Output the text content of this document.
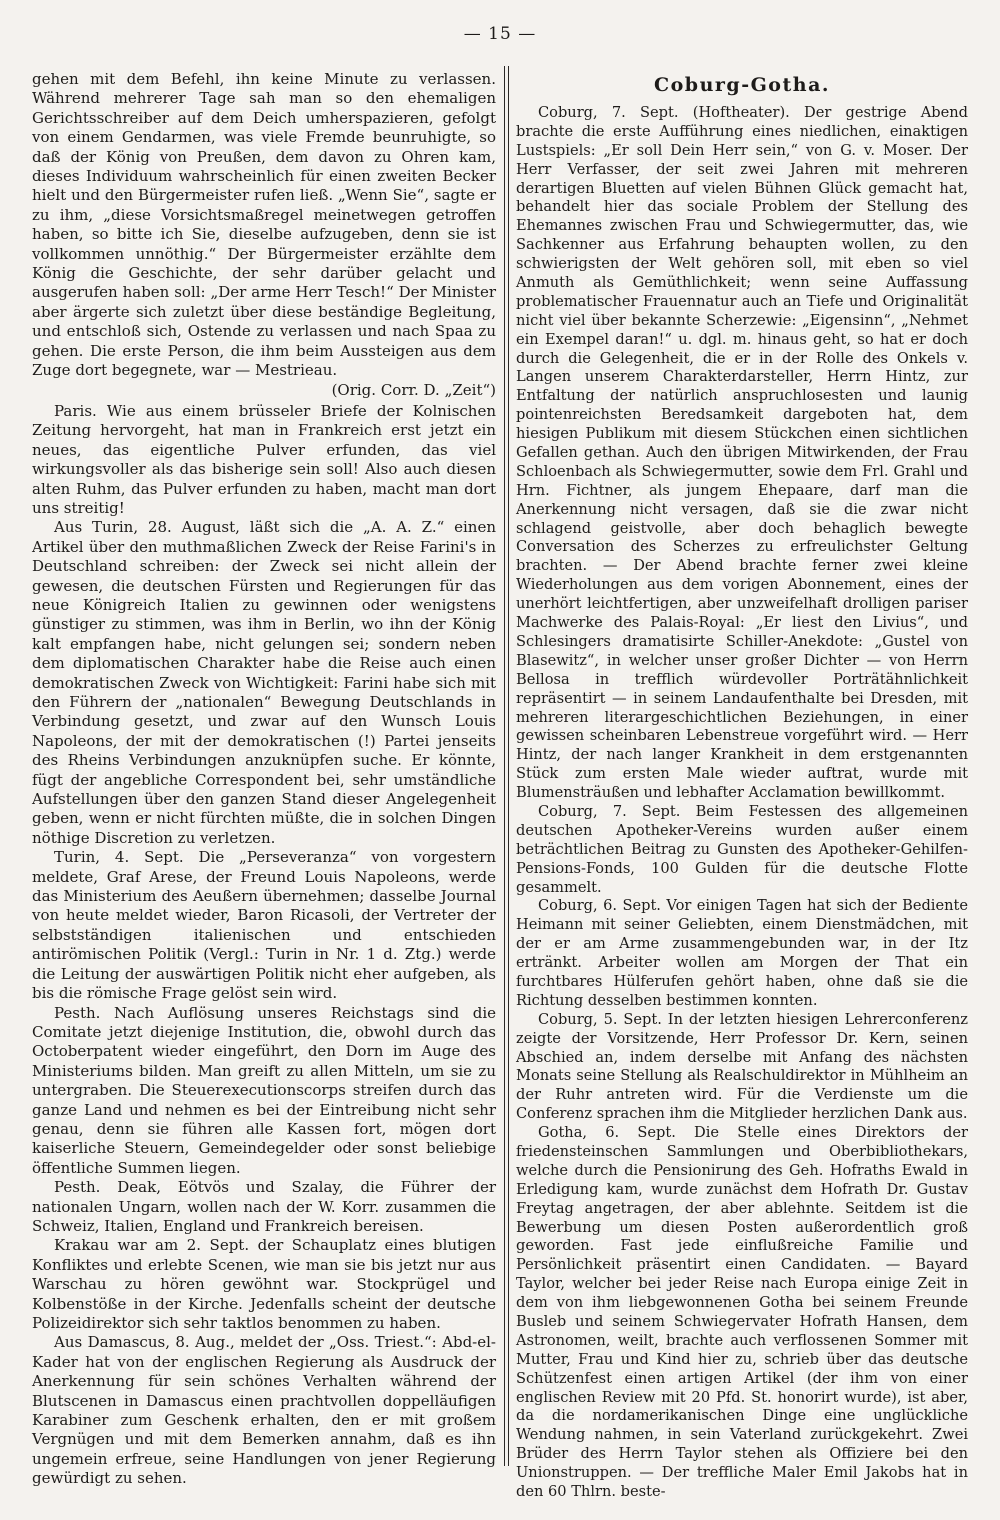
— 15 —

gehen mit dem Befehl, ihn keine Minute zu verlassen. Während mehrerer Tage sah man so den ehemaligen Gerichtsschreiber auf dem Deich umherspazieren, gefolgt von einem Gendarmen, was viele Fremde beunruhigte, so daß der König von Preußen, dem davon zu Ohren kam, dieses Individuum wahrscheinlich für einen zweiten Becker hielt und den Bürgermeister rufen ließ. „Wenn Sie“, sagte er zu ihm, „diese Vorsichtsmaßregel meinetwegen getroffen haben, so bitte ich Sie, dieselbe aufzugeben, denn sie ist vollkommen unnöthig.“ Der Bürgermeister erzählte dem König die Geschichte, der sehr darüber gelacht und ausgerufen haben soll: „Der arme Herr Tesch!“ Der Minister aber ärgerte sich zuletzt über diese beständige Begleitung, und entschloß sich, Ostende zu verlassen und nach Spaa zu gehen. Die erste Person, die ihm beim Aussteigen aus dem Zuge dort begegnete, war — Mestrieau.

(Orig. Corr. D. „Zeit“)

Paris. Wie aus einem brüsseler Briefe der Kolnischen Zeitung hervorgeht, hat man in Frankreich erst jetzt ein neues, das eigentliche Pulver erfunden, das viel wirkungsvoller als das bisherige sein soll! Also auch diesen alten Ruhm, das Pulver erfunden zu haben, macht man dort uns streitig!

Aus Turin, 28. August, läßt sich die „A. A. Z.“ einen Artikel über den muthmaßlichen Zweck der Reise Farini's in Deutschland schreiben: der Zweck sei nicht allein der gewesen, die deutschen Fürsten und Regierungen für das neue Königreich Italien zu gewinnen oder wenigstens günstiger zu stimmen, was ihm in Berlin, wo ihn der König kalt empfangen habe, nicht gelungen sei; sondern neben dem diplomatischen Charakter habe die Reise auch einen demokratischen Zweck von Wichtigkeit: Farini habe sich mit den Führern der „nationalen“ Bewegung Deutschlands in Verbindung gesetzt, und zwar auf den Wunsch Louis Napoleons, der mit der demokratischen (!) Partei jenseits des Rheins Verbindungen anzuknüpfen suche. Er könnte, fügt der angebliche Correspondent bei, sehr umständliche Aufstellungen über den ganzen Stand dieser Angelegenheit geben, wenn er nicht fürchten müßte, die in solchen Dingen nöthige Discretion zu verletzen.

Turin, 4. Sept. Die „Perseveranza“ von vorgestern meldete, Graf Arese, der Freund Louis Napoleons, werde das Ministerium des Aeußern übernehmen; dasselbe Journal von heute meldet wieder, Baron Ricasoli, der Vertreter der selbstständigen italienischen und entschieden antirömischen Politik (Vergl.: Turin in Nr. 1 d. Ztg.) werde die Leitung der auswärtigen Politik nicht eher aufgeben, als bis die römische Frage gelöst sein wird.

Pesth. Nach Auflösung unseres Reichstags sind die Comitate jetzt diejenige Institution, die, obwohl durch das Octoberpatent wieder eingeführt, den Dorn im Auge des Ministeriums bilden. Man greift zu allen Mitteln, um sie zu untergraben. Die Steuerexecutionscorps streifen durch das ganze Land und nehmen es bei der Eintreibung nicht sehr genau, denn sie führen alle Kassen fort, mögen dort kaiserliche Steuern, Gemeindegelder oder sonst beliebige öffentliche Summen liegen.

Pesth. Deak, Eötvös und Szalay, die Führer der nationalen Ungarn, wollen nach der W. Korr. zusammen die Schweiz, Italien, England und Frankreich bereisen.

Krakau war am 2. Sept. der Schauplatz eines blutigen Konfliktes und erlebte Scenen, wie man sie bis jetzt nur aus Warschau zu hören gewöhnt war. Stockprügel und Kolbenstöße in der Kirche. Jedenfalls scheint der deutsche Polizeidirektor sich sehr taktlos benommen zu haben.

Aus Damascus, 8. Aug., meldet der „Oss. Triest.“: Abd-el-Kader hat von der englischen Regierung als Ausdruck der Anerkennung für sein schönes Verhalten während der Blutscenen in Damascus einen prachtvollen doppelläufigen Karabiner zum Geschenk erhalten, den er mit großem Vergnügen und mit dem Bemerken annahm, daß es ihn ungemein erfreue, seine Handlungen von jener Regierung gewürdigt zu sehen.

Coburg-Gotha.

Coburg, 7. Sept. (Hoftheater). Der gestrige Abend brachte die erste Aufführung eines niedlichen, einaktigen Lustspiels: „Er soll Dein Herr sein,“ von G. v. Moser. Der Herr Verfasser, der seit zwei Jahren mit mehreren derartigen Bluetten auf vielen Bühnen Glück gemacht hat, behandelt hier das sociale Problem der Stellung des Ehemannes zwischen Frau und Schwiegermutter, das, wie Sachkenner aus Erfahrung behaupten wollen, zu den schwierigsten der Welt gehören soll, mit eben so viel Anmuth als Gemüthlichkeit; wenn seine Auffassung problematischer Frauennatur auch an Tiefe und Originalität nicht viel über bekannte Scherzewie: „Eigensinn“, „Nehmet ein Exempel daran!“ u. dgl. m. hinaus geht, so hat er doch durch die Gelegenheit, die er in der Rolle des Onkels v. Langen unserem Charakterdarsteller, Herrn Hintz, zur Entfaltung der natürlich anspruchlosesten und launig pointenreichsten Beredsamkeit dargeboten hat, dem hiesigen Publikum mit diesem Stückchen einen sichtlichen Gefallen gethan. Auch den übrigen Mitwirkenden, der Frau Schloenbach als Schwiegermutter, sowie dem Frl. Grahl und Hrn. Fichtner, als jungem Ehepaare, darf man die Anerkennung nicht versagen, daß sie die zwar nicht schlagend geistvolle, aber doch behaglich bewegte Conversation des Scherzes zu erfreulichster Geltung brachten. — Der Abend brachte ferner zwei kleine Wiederholungen aus dem vorigen Abonnement, eines der unerhört leichtfertigen, aber unzweifelhaft drolligen pariser Machwerke des Palais-Royal: „Er liest den Livius“, und Schlesingers dramatisirte Schiller-Anekdote: „Gustel von Blasewitz“, in welcher unser großer Dichter — von Herrn Bellosa in trefflich würdevoller Porträtähnlichkeit repräsentirt — in seinem Landaufenthalte bei Dresden, mit mehreren literargeschichtlichen Beziehungen, in einer gewissen scheinbaren Lebenstreue vorgeführt wird. — Herr Hintz, der nach langer Krankheit in dem erstgenannten Stück zum ersten Male wieder auftrat, wurde mit Blumensträußen und lebhafter Acclamation bewillkommt.

Coburg, 7. Sept. Beim Festessen des allgemeinen deutschen Apotheker-Vereins wurden außer einem beträchtlichen Beitrag zu Gunsten des Apotheker-Gehilfen-Pensions-Fonds, 100 Gulden für die deutsche Flotte gesammelt.

Coburg, 6. Sept. Vor einigen Tagen hat sich der Bediente Heimann mit seiner Geliebten, einem Dienstmädchen, mit der er am Arme zusammengebunden war, in der Itz ertränkt. Arbeiter wollen am Morgen der That ein furchtbares Hülferufen gehört haben, ohne daß sie die Richtung desselben bestimmen konnten.

Coburg, 5. Sept. In der letzten hiesigen Lehrerconferenz zeigte der Vorsitzende, Herr Professor Dr. Kern, seinen Abschied an, indem derselbe mit Anfang des nächsten Monats seine Stellung als Realschuldirektor in Mühlheim an der Ruhr antreten wird. Für die Verdienste um die Conferenz sprachen ihm die Mitglieder herzlichen Dank aus.

Gotha, 6. Sept. Die Stelle eines Direktors der friedensteinschen Sammlungen und Oberbibliothekars, welche durch die Pensionirung des Geh. Hofraths Ewald in Erledigung kam, wurde zunächst dem Hofrath Dr. Gustav Freytag angetragen, der aber ablehnte. Seitdem ist die Bewerbung um diesen Posten außerordentlich groß geworden. Fast jede einflußreiche Familie und Persönlichkeit präsentirt einen Candidaten. — Bayard Taylor, welcher bei jeder Reise nach Europa einige Zeit in dem von ihm liebgewonnenen Gotha bei seinem Freunde Busleb und seinem Schwiegervater Hofrath Hansen, dem Astronomen, weilt, brachte auch verflossenen Sommer mit Mutter, Frau und Kind hier zu, schrieb über das deutsche Schützenfest einen artigen Artikel (der ihm von einer englischen Review mit 20 Pfd. St. honorirt wurde), ist aber, da die nordamerikanischen Dinge eine unglückliche Wendung nahmen, in sein Vaterland zurückgekehrt. Zwei Brüder des Herrn Taylor stehen als Offiziere bei den Unionstruppen. — Der treffliche Maler Emil Jakobs hat in den 60 Thlrn. beste-
